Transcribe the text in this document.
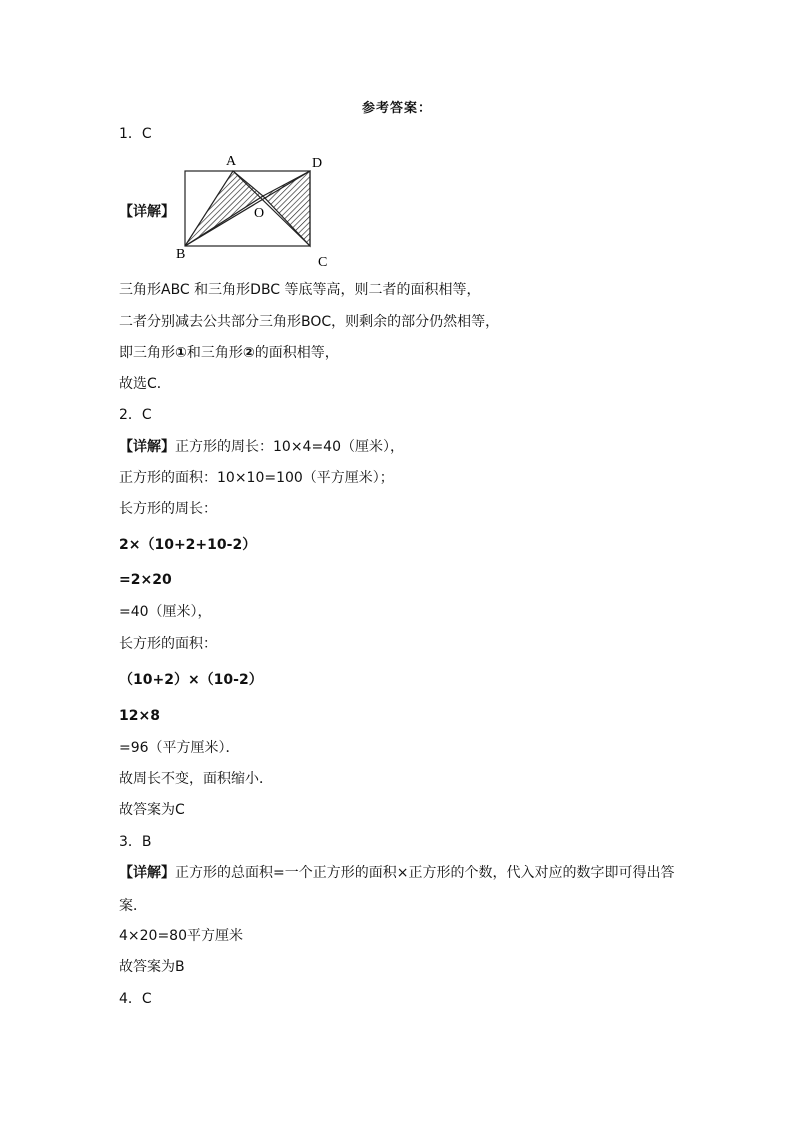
参考答案：
1．C
【详解】
A	D
O
B
C
三角形ABC 和三角形DBC 等底等高，则二者的面积相等，
二者分别减去公共部分三角形BOC，则剩余的部分仍然相等，
即三角形①和三角形②的面积相等，
故选C．
2．C
【详解】正方形的周长：10×4=40（厘米），
正方形的面积：10×10=100（平方厘米）；
长方形的周长：
2×（10+2+10-2）
=2×20
=40（厘米），
长方形的面积：
（10+2）×（10-2）
12×8
=96（平方厘米）．
故周长不变，面积缩小．
故答案为C
3．B
【详解】正方形的总面积=一个正方形的面积×正方形的个数，代入对应的数字即可得出答案．
4×20=80平方厘米
故答案为B
4．C
